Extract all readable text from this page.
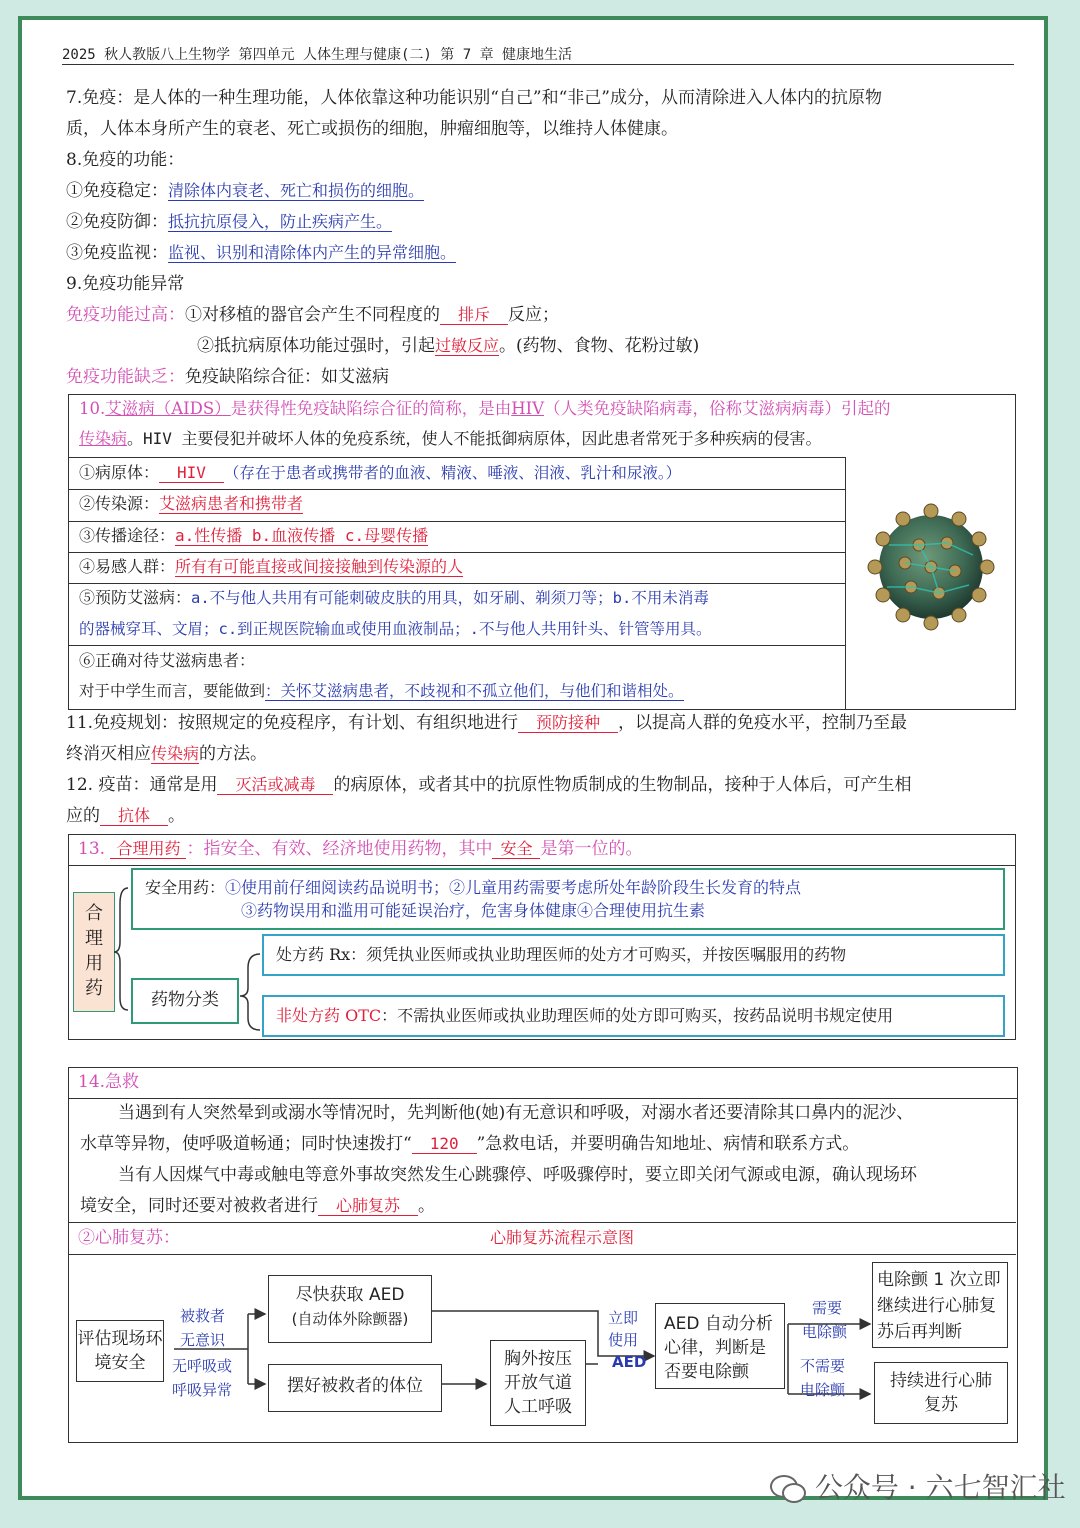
2025 秋人教版八上生物学 第四单元 人体生理与健康(二) 第 7 章 健康地生活
7.免疫：是人体的一种生理功能，人体依靠这种功能识别“自己”和“非己”成分，从而清除进入人体内的抗原物
质，人体本身所产生的衰老、死亡或损伤的细胞，肿瘤细胞等，以维持人体健康。
8.免疫的功能：
①免疫稳定：清除体内衰老、死亡和损伤的细胞。
②免疫防御：抵抗抗原侵入，防止疾病产生。
③免疫监视：监视、识别和清除体内产生的异常细胞。
9.免疫功能异常
免疫功能过高：①对移植的器官会产生不同程度的 排斥 反应；
②抵抗病原体功能过强时，引起过敏反应。(药物、食物、花粉过敏)
免疫功能缺乏：免疫缺陷综合征：如艾滋病
10.艾滋病（AIDS）是获得性免疫缺陷综合征的简称，是由HIV（人类免疫缺陷病毒，俗称艾滋病病毒）引起的
传染病。HIV 主要侵犯并破坏人体的免疫系统，使人不能抵御病原体，因此患者常死于多种疾病的侵害。
①病原体： HIV （存在于患者或携带者的血液、精液、唾液、泪液、乳汁和尿液。）
②传染源：艾滋病患者和携带者
③传播途径：a.性传播 b.血液传播 c.母婴传播
④易感人群：所有有可能直接或间接接触到传染源的人
⑤预防艾滋病：a.不与他人共用有可能刺破皮肤的用具，如牙刷、剃须刀等；b.不用未消毒
的器械穿耳、文眉；c.到正规医院输血或使用血液制品；.不与他人共用针头、针管等用具。
⑥正确对待艾滋病患者：
对于中学生而言，要能做到：关怀艾滋病患者，不歧视和不孤立他们，与他们和谐相处。
11.免疫规划：按照规定的免疫程序，有计划、有组织地进行 预防接种 ，以提高人群的免疫水平，控制乃至最
终消灭相应传染病的方法。
12. 疫苗：通常是用 灭活或减毒 的病原体，或者其中的抗原性物质制成的生物制品，接种于人体后，可产生相
应的 抗体 。
13. 合理用药 ：指安全、有效、经济地使用药物，其中 安全 是第一位的。
合
理
用
药
安全用药：①使用前仔细阅读药品说明书；②儿童用药需要考虑所处年龄阶段生长发育的特点
③药物误用和滥用可能延误治疗，危害身体健康④合理使用抗生素
药物分类
处方药 Rx：须凭执业医师或执业助理医师的处方才可购买，并按医嘱服用的药物
非处方药 OTC：不需执业医师或执业助理医师的处方即可购买，按药品说明书规定使用
14.急救
当遇到有人突然晕到或溺水等情况时，先判断他(她)有无意识和呼吸，对溺水者还要清除其口鼻内的泥沙、
水草等异物，使呼吸道畅通；同时快速拨打“ 120 ”急救电话，并要明确告知地址、病情和联系方式。
当有人因煤气中毒或触电等意外事故突然发生心跳骤停、呼吸骤停时，要立即关闭气源或电源，确认现场环
境安全，同时还要对被救者进行 心肺复苏 。
②心肺复苏：	心肺复苏流程示意图
评估现场环境安全
被救者
无意识
无呼吸或
呼吸异常
尽快获取 AED
(自动体外除颤器)
摆好被救者的体位
胸外按压开放气道人工呼吸
立即
使用
AED
AED 自动分析心律，判断是否要电除颤
需要
电除颤
不需要
电除颤
电除颤 1 次立即继续进行心肺复苏后再判断
持续进行心肺复苏
公众号 · 六七智汇社
